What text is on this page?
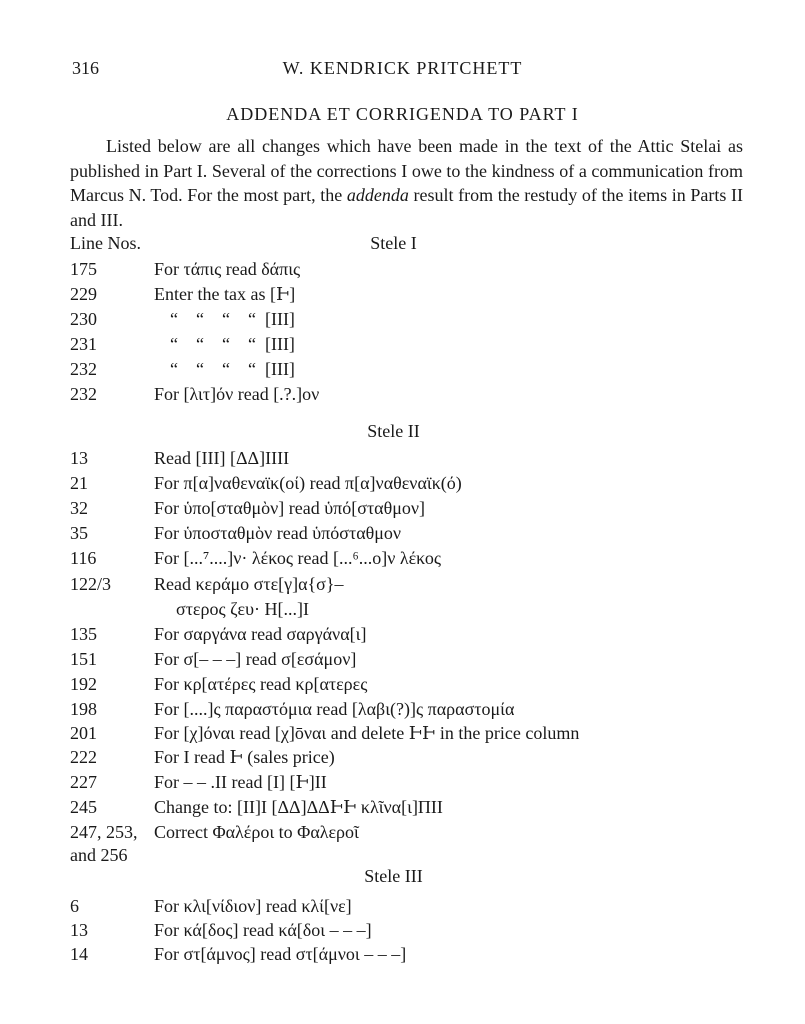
316	W. KENDRICK PRITCHETT
ADDENDA ET CORRIGENDA TO PART I
Listed below are all changes which have been made in the text of the Attic Stelai as published in Part I. Several of the corrections I owe to the kindness of a communication from Marcus N. Tod. For the most part, the addenda result from the restudy of the items in Parts II and III.
Line Nos.	Stele I
175	For τάπις read δάπις
229	Enter the tax as [Ͱ]
230	“    “    “    “  [ΙΙΙ]
231	“    “    “    “  [ΙΙΙ]
232	“    “    “    “  [ΙΙΙ]
232	For [λιτ]όν read [.?.]ον
Stele II
13	Read [ΙΙΙ] [ΔΔ]ΙΙΙΙ
21	For π[α]ναθεναϊκ(οί) read π[α]ναθεναϊκ(ό)
32	For ὑπο[σταθμὸν] read ὑπό[σταθμον]
35	For ὑποσταθμὸν read ὑπόσταθμον
116	For [...⁷....]ν· λέκος read [...⁶...ο]ν λέκος
122/3 Read κεράμο στε[γ]α{σ}–
στερος ζευ· Η[...]Ι
135	For σαργάνα read σαργάνα[ι]
151	For σ[– – –] read σ[εσάμον]
192	For κρ[ατέρες read κρ[ατερες
198	For [....]ς παραστόμια read [λαβι(?)]ς παραστομία
201	For [χ]όναι read [χ]ōναι and delete ͰͰ in the price column
222	For Ι read Ͱ (sales price)
227	For – – .ΙΙ read [Ι] [Ͱ]ΙΙ
245	Change to: [ΙΙ]Ι [ΔΔ]ΔΔͰͰ κλῖνα[ι]ΠΙΙ
247, 253, Correct Φαλέροι to Φαλεροῖ
and 256
Stele III
6	For κλι[νίδιον] read κλί[νε]
13	For κά[δος] read κά[δοι – – –]
14	For στ[άμνος] read στ[άμνοι – – –]
